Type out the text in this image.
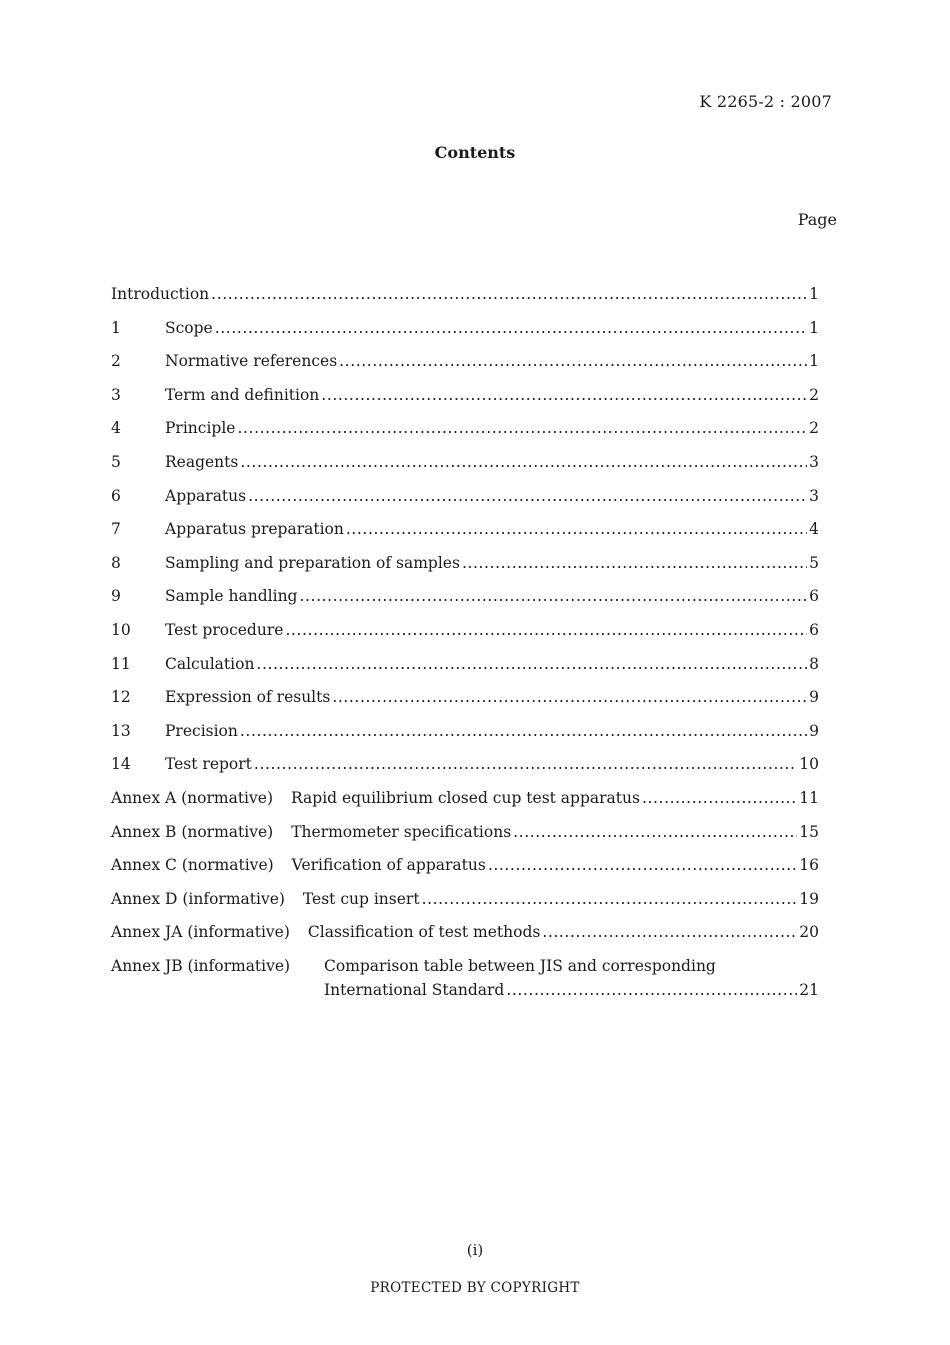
K 2265-2 : 2007
Contents
Page
Introduction .....	1
1	Scope .....	1
2	Normative references .....	1
3	Term and definition .....	2
4	Principle .....	2
5	Reagents .....	3
6	Apparatus .....	3
7	Apparatus preparation .....	4
8	Sampling and preparation of samples .....	5
9	Sample handling .....	6
10	Test procedure .....	6
11	Calculation .....	8
12	Expression of results .....	9
13	Precision .....	9
14	Test report .....	10
Annex A (normative)	Rapid equilibrium closed cup test apparatus .....	11
Annex B (normative)	Thermometer specifications .....	15
Annex C (normative)	Verification of apparatus .....	16
Annex D (informative)	Test cup insert .....	19
Annex JA (informative)	Classification of test methods .....	20
Annex JB (informative)	Comparison table between JIS and corresponding
International Standard .....	21
(i)
PROTECTED BY COPYRIGHT
